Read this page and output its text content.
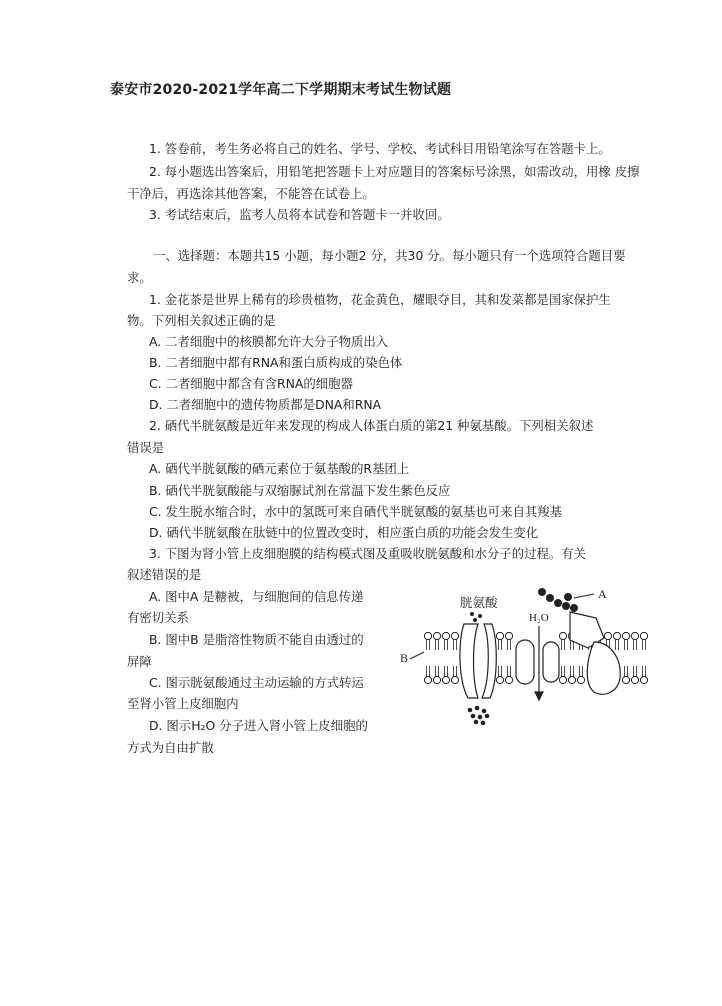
泰安市2020-2021学年高二下学期期末考试生物试题
1. 答卷前，考生务必将自己的姓名、学号、学校、考试科目用铅笔涂写在答题卡上。
2. 每小题选出答案后，用铅笔把答题卡上对应题目的答案标号涂黑，如需改动，用橡 皮擦
干净后，再选涂其他答案，不能答在试卷上。
3. 考试结束后，监考人员将本试卷和答题卡一并收回。
一、选择题：本题共15 小题，每小题2 分，共30 分。每小题只有一个选项符合题目要
求。
1. 金花茶是世界上稀有的珍贵植物，花金黄色，耀眼夺目，其和发菜都是国家保护生
物。下列相关叙述正确的是
A. 二者细胞中的核膜都允许大分子物质出入
B. 二者细胞中都有RNA和蛋白质构成的染色体
C. 二者细胞中都含有含RNA的细胞器
D. 二者细胞中的遗传物质都是DNA和RNA
2. 硒代半胱氨酸是近年来发现的构成人体蛋白质的第21 种氨基酸。下列相关叙述
错误是
A. 硒代半胱氨酸的硒元素位于氨基酸的R基团上
B. 硒代半胱氨酸能与双缩脲试剂在常温下发生紫色反应
C. 发生脱水缩合时，水中的氢既可来自硒代半胱氨酸的氨基也可来自其羧基
D. 硒代半胱氨酸在肽链中的位置改变时，相应蛋白质的功能会发生变化
3. 下图为肾小管上皮细胞膜的结构模式图及重吸收胱氨酸和水分子的过程。有关
叙述错误的是
A. 图中A 是糖被，与细胞间的信息传递
有密切关系
B. 图中B 是脂溶性物质不能自由透过的
屏障
C. 图示胱氨酸通过主动运输的方式转运
至肾小管上皮细胞内
D. 图示H₂O 分子进入肾小管上皮细胞的
方式为自由扩散
胱氨酸
H₂O
A
B
